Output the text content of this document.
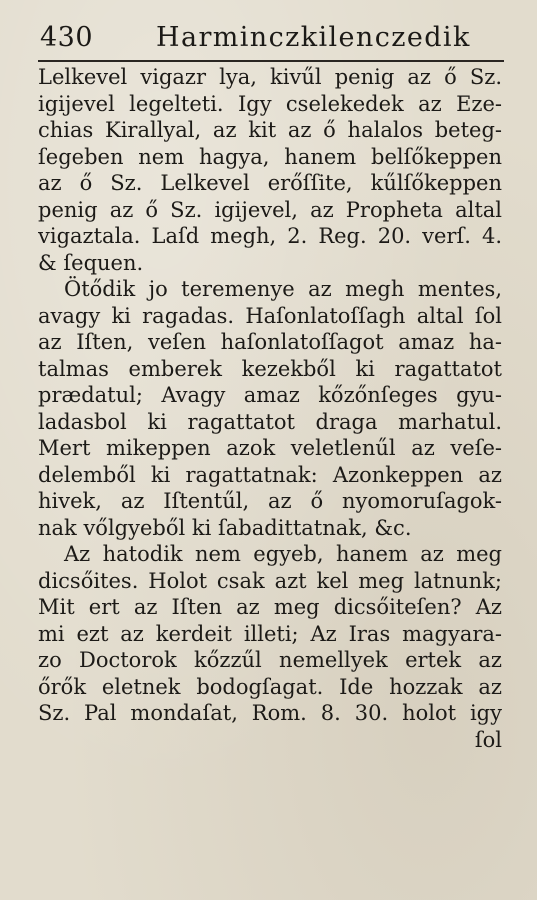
430 Harminczkilenczedik
Lelkevel vigazr lya, kivűl penig az ő Sz.
igijevel legelteti. Igy cselekedek az Eze-
chias Kirallyal, az kit az ő halalos beteg-
ſegeben nem hagya, hanem belſőkeppen
az ő Sz. Lelkevel erőſſite, kűlſőkeppen
penig az ő Sz. igijevel, az Propheta altal
vigaztala. Laſd megh, 2. Reg. 20. verſ. 4.
& ſequen.
Ötődik jo teremenye az megh mentes,
avagy ki ragadas. Haſonlatoſſagh altal ſol
az Iſten, veſen haſonlatoſſagot amaz ha-
talmas emberek kezekből ki ragattatot
prædatul; Avagy amaz kőzőnſeges gyu-
ladasbol ki ragattatot draga marhatul.
Mert mikeppen azok veletlenűl az veſe-
delemből ki ragattatnak: Azonkeppen az
hivek, az Iſtentűl, az ő nyomoruſagok-
nak vőlgyeből ki ſabadittatnak, &c.
Az hatodik nem egyeb, hanem az meg
dicsőites. Holot csak azt kel meg latnunk;
Mit ert az Iſten az meg dicsőiteſen? Az
mi ezt az kerdeit illeti; Az Iras magyara-
zo Doctorok kőzzűl nemellyek ertek az
őrők eletnek bodogſagat. Ide hozzak az
Sz. Pal mondaſat, Rom. 8. 30. holot igy
ſol
